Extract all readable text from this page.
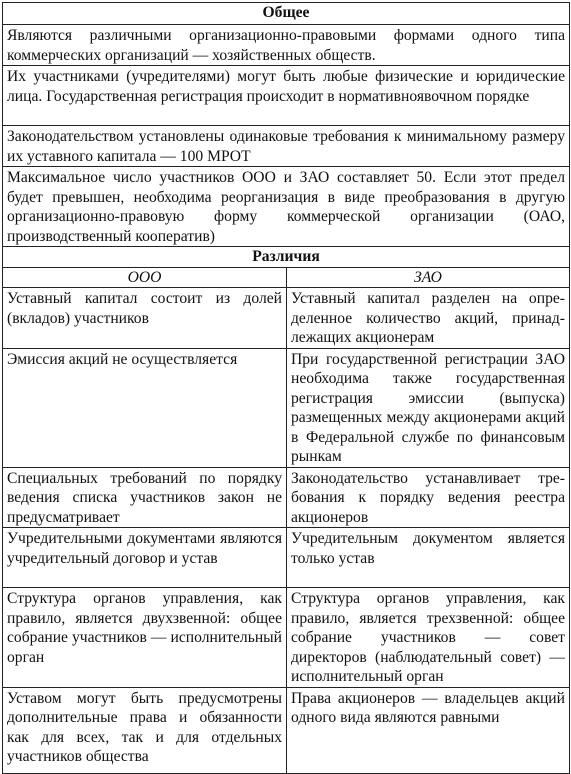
Общее	
Являются различными организационно-правовыми формами одного типа коммерческих организаций — хозяйственных обществ.	
Их участниками (учредителями) могут быть любые физические и юридические лица. Государственная регистрация происходит в нормативноявочном порядке	
Законодательством установлены одинаковые требования к минимальному размеру их уставного капитала — 100 МРОТ	
Максимальное число участников ООО и ЗАО составляет 50. Если этот предел будет превышен, необходима реорганизация в виде преобразования в другую организационно-правовую форму коммерческой организации (ОАО, производственный кооператив)	
Различия	
ООО	ЗАО
Уставный капитал состоит из долей (вкладов) участников	Уставный капитал разделен на определенное количество акций, принадлежащих акционерам
Эмиссия акций не осуществляется	При государственной регистрации ЗАО необходима также государственная регистрация эмиссии (выпуска) размещенных между акционерами акций в Федеральной службе по финансовым рынкам
Специальных требований по порядку ведения списка участников закон не предусматривает	Законодательство устанавливает требования к порядку ведения реестра акционеров
Учредительными документами являются учредительный договор и устав	Учредительным документом является только устав
Структура органов управления, как правило, является двухзвенной: общее собрание участников — исполнительный орган	Структура органов управления, как правило, является трехзвенной: общее собрание участников — совет директоров (наблюдательный совет) — исполнительный орган
Уставом могут быть предусмотрены дополнительные права и обязанности как для всех, так и для отдельных участников общества	Права акционеров — владельцев акций одного вида являются равными
